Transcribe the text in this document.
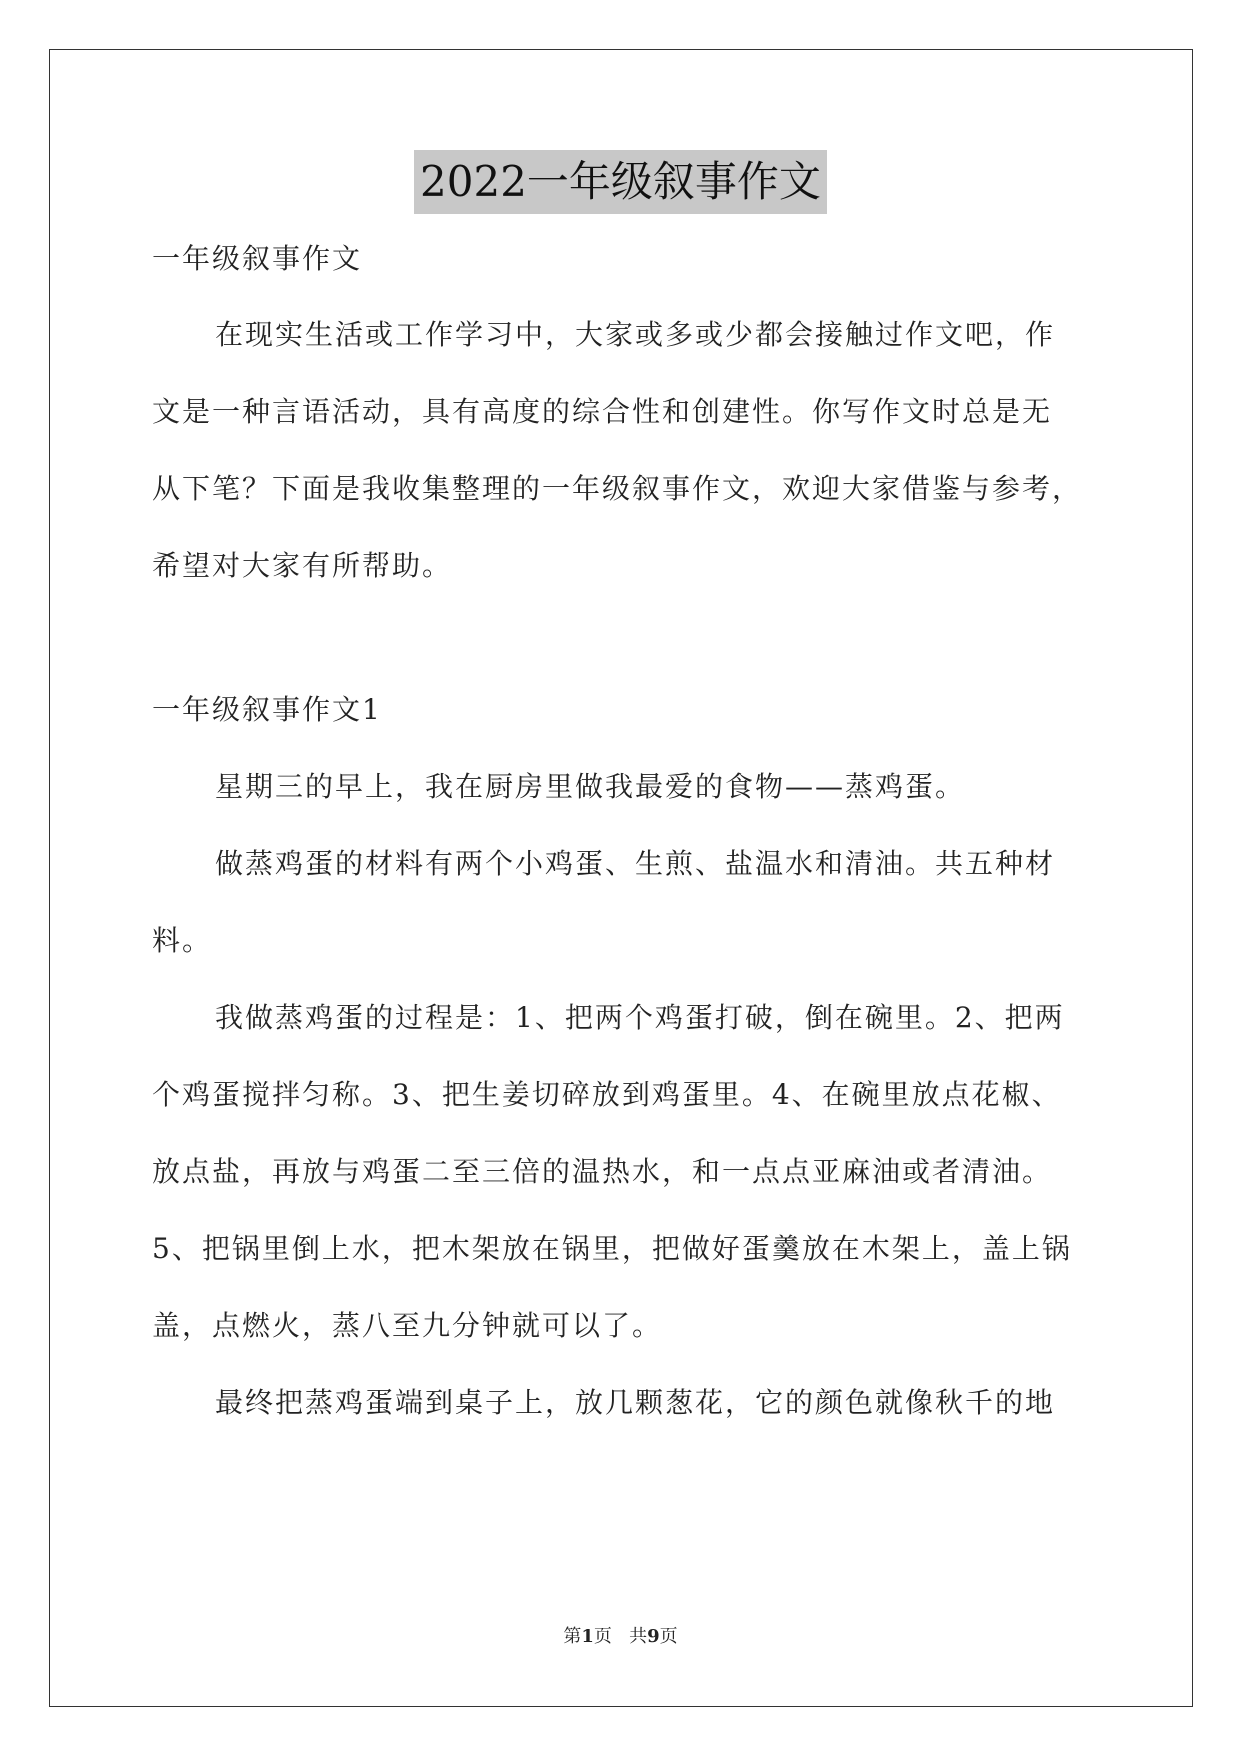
2022一年级叙事作文
一年级叙事作文
在现实生活或工作学习中，大家或多或少都会接触过作文吧，作
文是一种言语活动，具有高度的综合性和创建性。你写作文时总是无
从下笔？下面是我收集整理的一年级叙事作文，欢迎大家借鉴与参考，
希望对大家有所帮助。
一年级叙事作文1
星期三的早上，我在厨房里做我最爱的食物——蒸鸡蛋。
做蒸鸡蛋的材料有两个小鸡蛋、生煎、盐温水和清油。共五种材
料。
我做蒸鸡蛋的过程是：1、把两个鸡蛋打破，倒在碗里。2、把两
个鸡蛋搅拌匀称。3、把生姜切碎放到鸡蛋里。4、在碗里放点花椒、
放点盐，再放与鸡蛋二至三倍的温热水，和一点点亚麻油或者清油。
5、把锅里倒上水，把木架放在锅里，把做好蛋羹放在木架上，盖上锅
盖，点燃火，蒸八至九分钟就可以了。
最终把蒸鸡蛋端到桌子上，放几颗葱花，它的颜色就像秋千的地
第1页 共9页
